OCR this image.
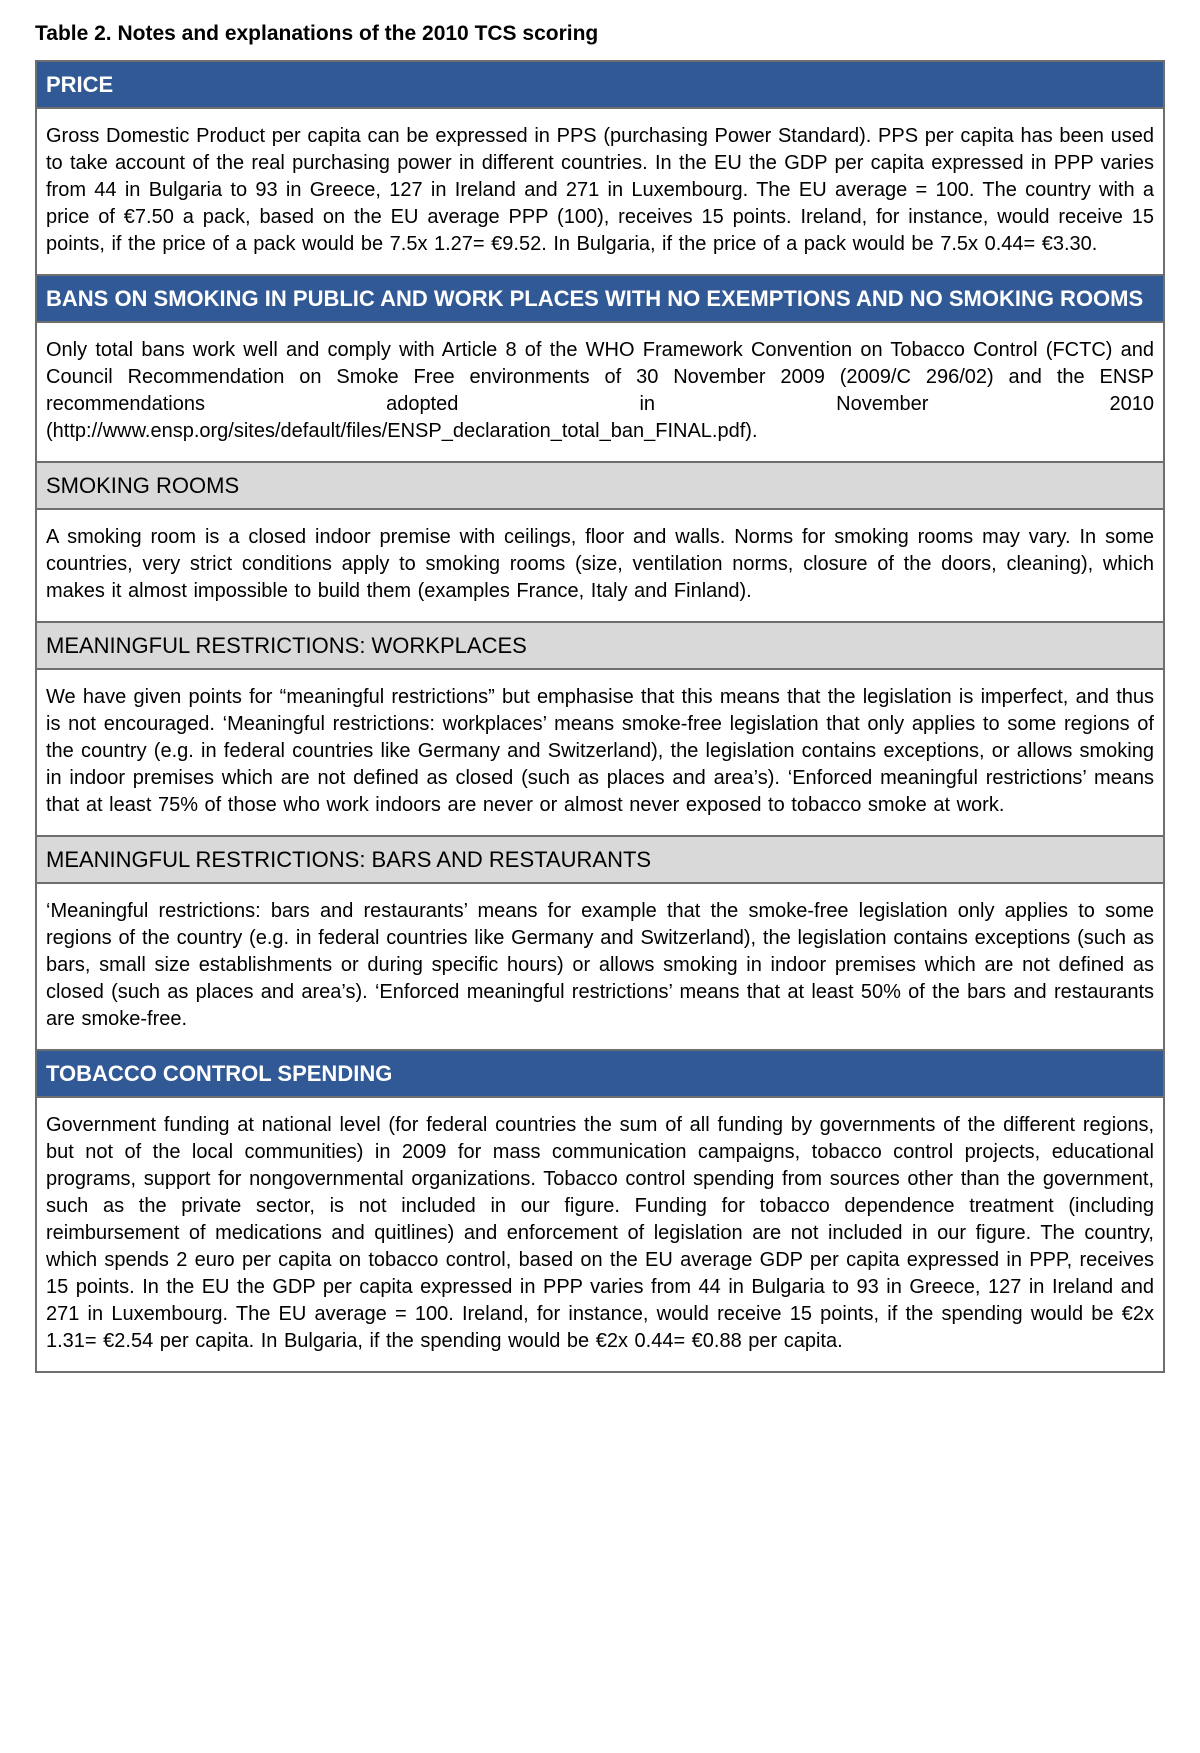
Table 2. Notes and explanations of the 2010 TCS scoring
PRICE

Gross Domestic Product per capita can be expressed in PPS (purchasing Power Standard). PPS per capita has been used to take account of the real purchasing power in different countries. In the EU the GDP per capita expressed in PPP varies from 44 in Bulgaria to 93 in Greece, 127 in Ireland and 271 in Luxembourg. The EU average = 100. The country with a price of €7.50 a pack, based on the EU average PPP (100), receives 15 points. Ireland, for instance, would receive 15 points, if the price of a pack would be 7.5x 1.27= €9.52. In Bulgaria, if the price of a pack would be 7.5x 0.44= €3.30.

BANS ON SMOKING IN PUBLIC AND WORK PLACES WITH NO EXEMPTIONS AND NO SMOKING ROOMS

Only total bans work well and comply with Article 8 of the WHO Framework Convention on Tobacco Control (FCTC) and Council Recommendation on Smoke Free environments of 30 November 2009 (2009/C 296/02) and the ENSP recommendations adopted in November 2010 (http://www.ensp.org/sites/default/files/ENSP_declaration_total_ban_FINAL.pdf).

SMOKING ROOMS

A smoking room is a closed indoor premise with ceilings, floor and walls. Norms for smoking rooms may vary. In some countries, very strict conditions apply to smoking rooms (size, ventilation norms, closure of the doors, cleaning), which makes it almost impossible to build them (examples France, Italy and Finland).

MEANINGFUL RESTRICTIONS: WORKPLACES

We have given points for “meaningful restrictions” but emphasise that this means that the legislation is imperfect, and thus is not encouraged. ‘Meaningful restrictions: workplaces’ means smoke-free legislation that only applies to some regions of the country (e.g. in federal countries like Germany and Switzerland), the legislation contains exceptions, or allows smoking in indoor premises which are not defined as closed (such as places and area’s). ‘Enforced meaningful restrictions’ means that at least 75% of those who work indoors are never or almost never exposed to tobacco smoke at work.

MEANINGFUL RESTRICTIONS: BARS AND RESTAURANTS

‘Meaningful restrictions: bars and restaurants’ means for example that the smoke-free legislation only applies to some regions of the country (e.g. in federal countries like Germany and Switzerland), the legislation contains exceptions (such as bars, small size establishments or during specific hours) or allows smoking in indoor premises which are not defined as closed (such as places and area’s). ‘Enforced meaningful restrictions’ means that at least 50% of the bars and restaurants are smoke-free.

TOBACCO CONTROL SPENDING

Government funding at national level (for federal countries the sum of all funding by governments of the different regions, but not of the local communities) in 2009 for mass communication campaigns, tobacco control projects, educational programs, support for nongovernmental organizations. Tobacco control spending from sources other than the government, such as the private sector, is not included in our figure. Funding for tobacco dependence treatment (including reimbursement of medications and quitlines) and enforcement of legislation are not included in our figure. The country, which spends 2 euro per capita on tobacco control, based on the EU average GDP per capita expressed in PPP, receives 15 points. In the EU the GDP per capita expressed in PPP varies from 44 in Bulgaria to 93 in Greece, 127 in Ireland and 271 in Luxembourg. The EU average = 100. Ireland, for instance, would receive 15 points, if the spending would be €2x 1.31= €2.54 per capita. In Bulgaria, if the spending would be €2x 0.44= €0.88 per capita.
